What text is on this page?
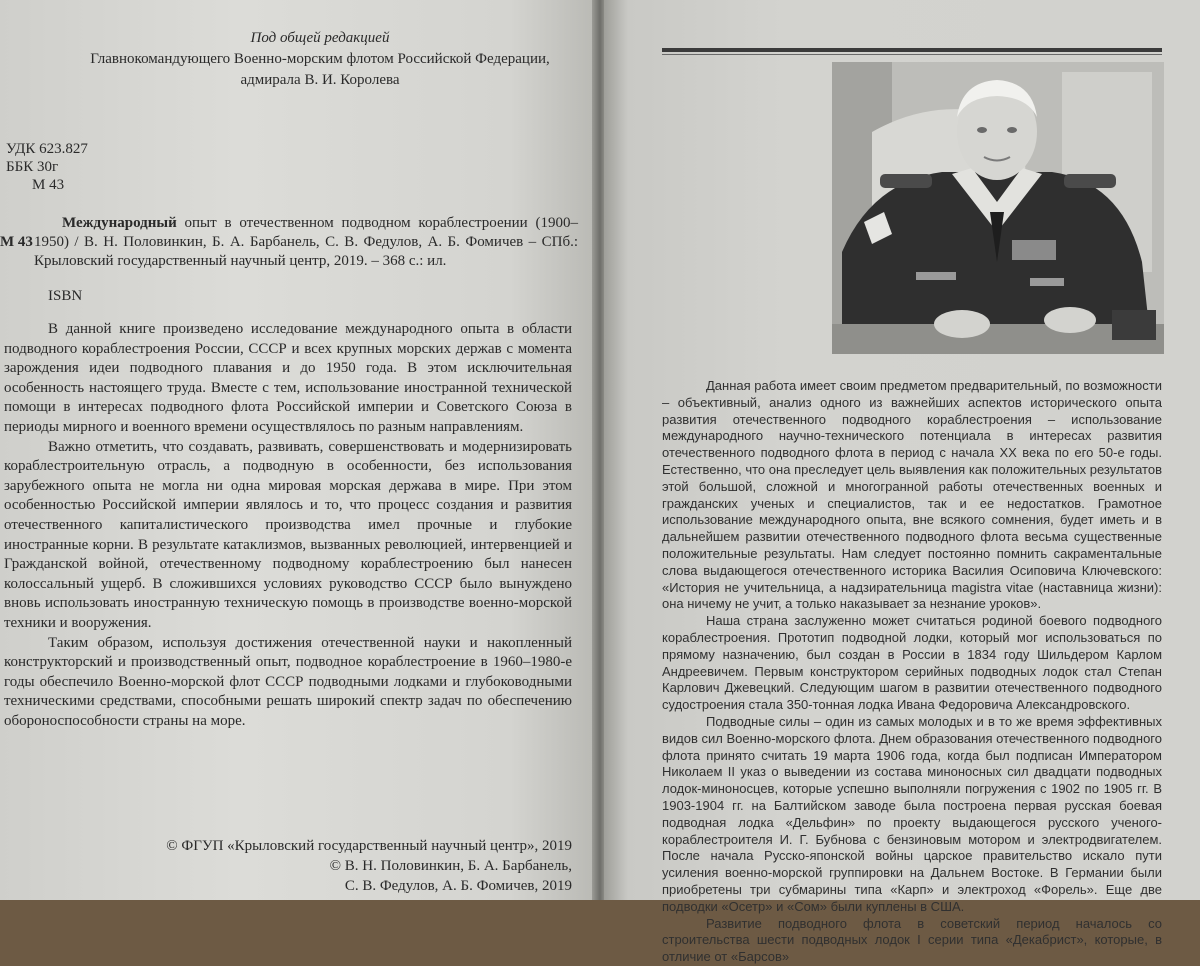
Под общей редакцией
Главнокомандующего Военно-морским флотом Российской Федерации,
адмирала В. И. Королева
УДК 623.827
ББК 30г
М 43
М 43

Международный опыт в отечественном подводном кораблестроении (1900–1950) / В. Н. Половинкин, Б. А. Барбанель, С. В. Федулов, А. Б. Фомичев – СПб.: Крыловский государственный научный центр, 2019. – 368 с.: ил.

ISBN

В данной книге произведено исследование международного опыта в области подводного кораблестроения России, СССР и всех крупных морских держав с момента зарождения идеи подводного плавания и до 1950 года. В этом исключительная особенность настоящего труда. Вместе с тем, использование иностранной технической помощи в интересах подводного флота Российской империи и Советского Союза в периоды мирного и военного времени осуществлялось по разным направлениям.

Важно отметить, что создавать, развивать, совершенствовать и модернизировать кораблестроительную отрасль, а подводную в особенности, без использования зарубежного опыта не могла ни одна мировая морская держава в мире. При этом особенностью Российской империи являлось и то, что процесс создания и развития отечественного капиталистического производства имел прочные и глубокие иностранные корни. В результате катаклизмов, вызванных революцией, интервенцией и Гражданской войной, отечественному подводному кораблестроению был нанесен колоссальный ущерб. В сложившихся условиях руководство СССР было вынуждено вновь использовать иностранную техническую помощь в производстве военно-морской техники и вооружения.

Таким образом, используя достижения отечественной науки и накопленный конструкторский и производственный опыт, подводное кораблестроение в 1960–1980-е годы обеспечило Военно-морской флот СССР подводными лодками и глубоководными техническими средствами, способными решать широкий спектр задач по обеспечению обороноспособности страны на море.

© ФГУП «Крыловский государственный научный центр», 2019
© В. Н. Половинкин, Б. А. Барбанель,
С. В. Федулов, А. Б. Фомичев, 2019

Данная работа имеет своим предметом предварительный, по возможности – объективный, анализ одного из важнейших аспектов исторического опыта развития отечественного подводного кораблестроения – использование международного научно-технического потенциала в интересах развития отечественного подводного флота в период с начала XX века по его 50-е годы. Естественно, что она преследует цель выявления как положительных результатов этой большой, сложной и многогранной работы отечественных военных и гражданских ученых и специалистов, так и ее недостатков. Грамотное использование международного опыта, вне всякого сомнения, будет иметь и в дальнейшем развитии отечественного подводного флота весьма существенные положительные результаты. Нам следует постоянно помнить сакраментальные слова выдающегося отечественного историка Василия Осиповича Ключевского: «История не учительница, а надзирательница magistra vitae (наставница жизни): она ничему не учит, а только наказывает за незнание уроков».

Наша страна заслуженно может считаться родиной боевого подводного кораблестроения. Прототип подводной лодки, который мог использоваться по прямому назначению, был создан в России в 1834 году Шильдером Карлом Андреевичем. Первым конструктором серийных подводных лодок стал Степан Карлович Джевецкий. Следующим шагом в развитии отечественного подводного судостроения стала 350-тонная лодка Ивана Федоровича Александровского.

Подводные силы – один из самых молодых и в то же время эффективных видов сил Военно-морского флота. Днем образования отечественного подводного флота принято считать 19 марта 1906 года, когда был подписан Императором Николаем II указ о выведении из состава миноносных сил двадцати подводных лодок-миноносцев, которые успешно выполняли погружения с 1902 по 1905 гг. В 1903-1904 гг. на Балтийском заводе была построена первая русская боевая подводная лодка «Дельфин» по проекту выдающегося русского ученого-кораблестроителя И. Г. Бубнова с бензиновым мотором и электродвигателем. После начала Русско-японской войны царское правительство искало пути усиления военно-морской группировки на Дальнем Востоке. В Германии были приобретены три субмарины типа «Карп» и электроход «Форель». Еще две подводки «Осетр» и «Сом» были куплены в США.

Развитие подводного флота в советский период началось со строительства шести подводных лодок I серии типа «Декабрист», которые, в отличие от «Барсов»
